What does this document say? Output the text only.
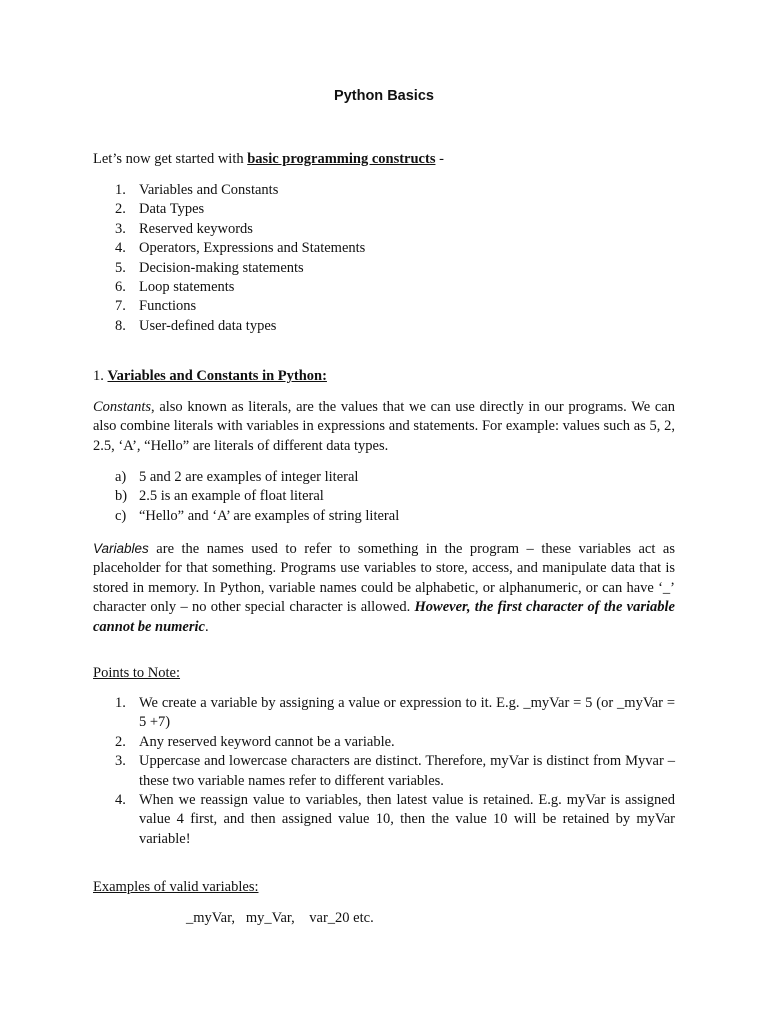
Python Basics
Let’s now get started with basic programming constructs -
1. Variables and Constants
2. Data Types
3. Reserved keywords
4. Operators, Expressions and Statements
5. Decision-making statements
6. Loop statements
7. Functions
8. User-defined data types
1. Variables and Constants in Python:
Constants, also known as literals, are the values that we can use directly in our programs. We can also combine literals with variables in expressions and statements. For example: values such as 5, 2, 2.5, ‘A’, “Hello” are literals of different data types.
a) 5 and 2 are examples of integer literal
b) 2.5 is an example of float literal
c) “Hello” and ‘A’ are examples of string literal
Variables are the names used to refer to something in the program – these variables act as placeholder for that something. Programs use variables to store, access, and manipulate data that is stored in memory. In Python, variable names could be alphabetic, or alphanumeric, or can have ‘_’ character only – no other special character is allowed. However, the first character of the variable cannot be numeric.
Points to Note:
1. We create a variable by assigning a value or expression to it. E.g. _myVar = 5 (or _myVar = 5 +7)
2. Any reserved keyword cannot be a variable.
3. Uppercase and lowercase characters are distinct. Therefore, myVar is distinct from Myvar – these two variable names refer to different variables.
4. When we reassign value to variables, then latest value is retained. E.g. myVar is assigned value 4 first, and then assigned value 10, then the value 10 will be retained by myVar variable!
Examples of valid variables:
_myVar,   my_Var,    var_20 etc.
